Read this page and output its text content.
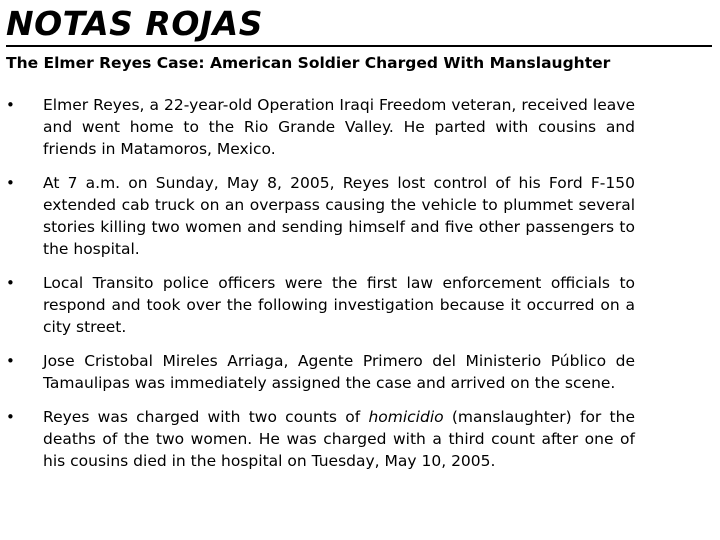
NOTAS ROJAS
The Elmer Reyes Case: American Soldier Charged With Manslaughter
• Elmer Reyes, a 22-year-old Operation Iraqi Freedom veteran, received leave and went home to the Rio Grande Valley. He parted with cousins and friends in Matamoros, Mexico.
• At 7 a.m. on Sunday, May 8, 2005, Reyes lost control of his Ford F-150 extended cab truck on an overpass causing the vehicle to plummet several stories killing two women and sending himself and five other passengers to the hospital.
• Local Transito police officers were the first law enforcement officials to respond and took over the following investigation because it occurred on a city street.
• Jose Cristobal Mireles Arriaga, Agente Primero del Ministerio Público de Tamaulipas was immediately assigned the case and arrived on the scene.
• Reyes was charged with two counts of homicidio (manslaughter) for the deaths of the two women. He was charged with a third count after one of his cousins died in the hospital on Tuesday, May 10, 2005.
